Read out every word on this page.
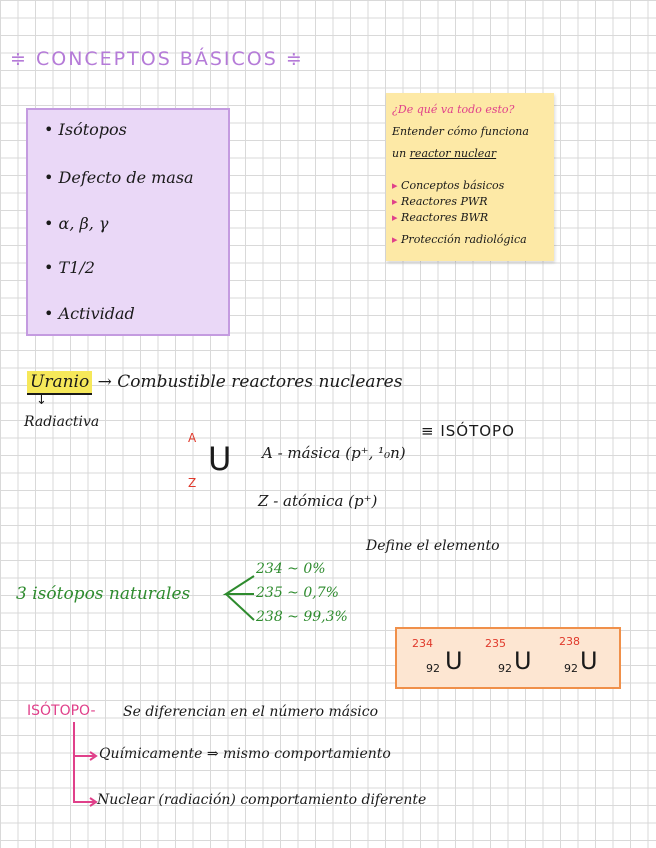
≑ CONCEPTOS BÁSICOS ≑
• Isótopos
• Defecto de masa
• α, β, γ
• T1/2
• Actividad
¿De qué va todo esto?
Entender cómo funciona
un reactor nuclear
▸ Conceptos básicos
▸ Reactores PWR
▸ Reactores BWR
▸ Protección radiológica
Uranio → Combustible reactores nucleares
↓
Radiactiva
A
Z
U A - másica (p⁺, ¹₀n)
Z - atómica (p⁺)
≡ ISÓTOPO
Define el elemento
3 isótopos naturales
234 ~ 0%
235 ~ 0,7%
238 ~ 99,3%
234
92 U
235
92 U
238
92 U
ISÓTOPO- Se diferencian en el número másico
Químicamente ⇒ mismo comportamiento
Nuclear (radiación) comportamiento diferente
